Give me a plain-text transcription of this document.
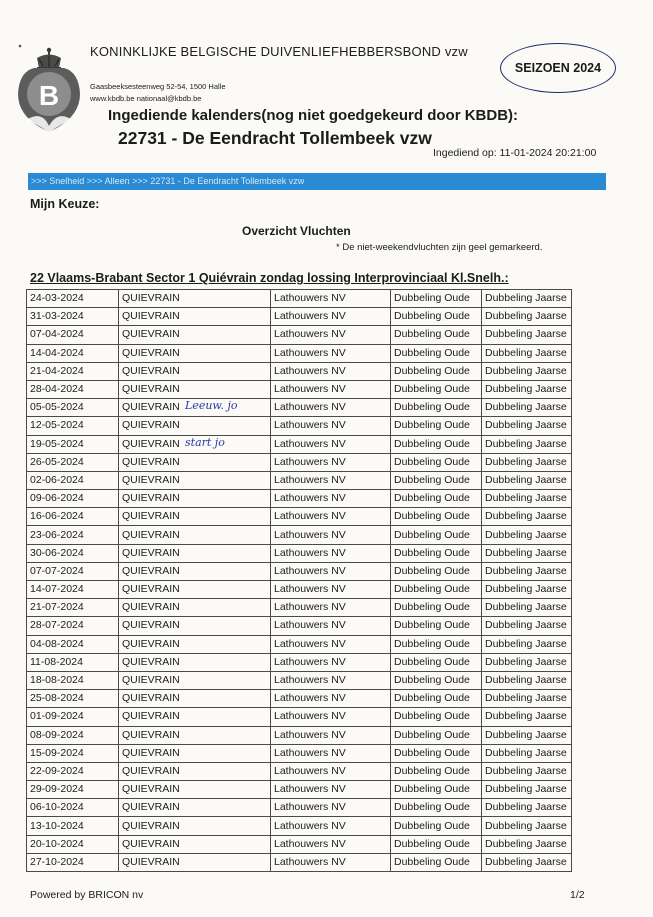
B
KONINKLIJKE BELGISCHE DUIVENLIEFHEBBERSBOND vzw
SEIZOEN 2024
Gaasbeeksesteenweg 52-54, 1500 Halle
www.kbdb.be nationaal@kbdb.be
Ingediende kalenders(nog niet goedgekeurd door KBDB):
22731 - De Eendracht Tollembeek vzw
Ingediend op: 11-01-2024 20:21:00
>>> Snelheid >>> Alleen >>> 22731 - De Eendracht Tollembeek vzw
Mijn Keuze:
Overzicht Vluchten
* De niet-weekendvluchten zijn geel gemarkeerd.
22 Vlaams-Brabant Sector 1 Quiévrain zondag lossing Interprovinciaal Kl.Snelh.:
24-03-2024	QUIEVRAIN	Lathouwers NV	Dubbeling Oude	Dubbeling Jaarse
31-03-2024	QUIEVRAIN	Lathouwers NV	Dubbeling Oude	Dubbeling Jaarse
07-04-2024	QUIEVRAIN	Lathouwers NV	Dubbeling Oude	Dubbeling Jaarse
14-04-2024	QUIEVRAIN	Lathouwers NV	Dubbeling Oude	Dubbeling Jaarse
21-04-2024	QUIEVRAIN	Lathouwers NV	Dubbeling Oude	Dubbeling Jaarse
28-04-2024	QUIEVRAIN	Lathouwers NV	Dubbeling Oude	Dubbeling Jaarse
05-05-2024	QUIEVRAIN Leeuw. jo	Lathouwers NV	Dubbeling Oude	Dubbeling Jaarse
12-05-2024	QUIEVRAIN	Lathouwers NV	Dubbeling Oude	Dubbeling Jaarse
19-05-2024	QUIEVRAIN start jo	Lathouwers NV	Dubbeling Oude	Dubbeling Jaarse
26-05-2024	QUIEVRAIN	Lathouwers NV	Dubbeling Oude	Dubbeling Jaarse
02-06-2024	QUIEVRAIN	Lathouwers NV	Dubbeling Oude	Dubbeling Jaarse
09-06-2024	QUIEVRAIN	Lathouwers NV	Dubbeling Oude	Dubbeling Jaarse
16-06-2024	QUIEVRAIN	Lathouwers NV	Dubbeling Oude	Dubbeling Jaarse
23-06-2024	QUIEVRAIN	Lathouwers NV	Dubbeling Oude	Dubbeling Jaarse
30-06-2024	QUIEVRAIN	Lathouwers NV	Dubbeling Oude	Dubbeling Jaarse
07-07-2024	QUIEVRAIN	Lathouwers NV	Dubbeling Oude	Dubbeling Jaarse
14-07-2024	QUIEVRAIN	Lathouwers NV	Dubbeling Oude	Dubbeling Jaarse
21-07-2024	QUIEVRAIN	Lathouwers NV	Dubbeling Oude	Dubbeling Jaarse
28-07-2024	QUIEVRAIN	Lathouwers NV	Dubbeling Oude	Dubbeling Jaarse
04-08-2024	QUIEVRAIN	Lathouwers NV	Dubbeling Oude	Dubbeling Jaarse
11-08-2024	QUIEVRAIN	Lathouwers NV	Dubbeling Oude	Dubbeling Jaarse
18-08-2024	QUIEVRAIN	Lathouwers NV	Dubbeling Oude	Dubbeling Jaarse
25-08-2024	QUIEVRAIN	Lathouwers NV	Dubbeling Oude	Dubbeling Jaarse
01-09-2024	QUIEVRAIN	Lathouwers NV	Dubbeling Oude	Dubbeling Jaarse
08-09-2024	QUIEVRAIN	Lathouwers NV	Dubbeling Oude	Dubbeling Jaarse
15-09-2024	QUIEVRAIN	Lathouwers NV	Dubbeling Oude	Dubbeling Jaarse
22-09-2024	QUIEVRAIN	Lathouwers NV	Dubbeling Oude	Dubbeling Jaarse
29-09-2024	QUIEVRAIN	Lathouwers NV	Dubbeling Oude	Dubbeling Jaarse
06-10-2024	QUIEVRAIN	Lathouwers NV	Dubbeling Oude	Dubbeling Jaarse
13-10-2024	QUIEVRAIN	Lathouwers NV	Dubbeling Oude	Dubbeling Jaarse
20-10-2024	QUIEVRAIN	Lathouwers NV	Dubbeling Oude	Dubbeling Jaarse
27-10-2024	QUIEVRAIN	Lathouwers NV	Dubbeling Oude	Dubbeling Jaarse
Powered by BRICON nv	1/2
